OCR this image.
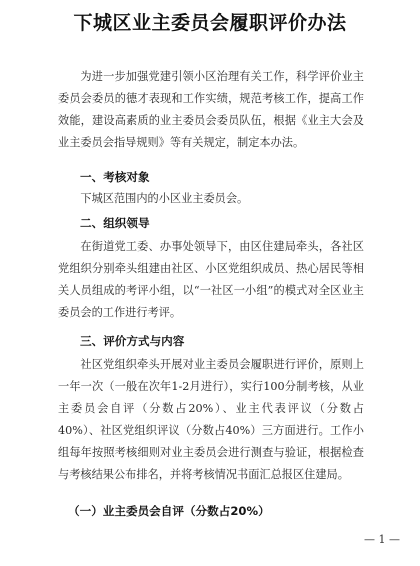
下城区业主委员会履职评价办法

为进一步加强党建引领小区治理有关工作，科学评价业主委员会委员的德才表现和工作实绩，规范考核工作，提高工作效能，建设高素质的业主委员会委员队伍，根据《业主大会及业主委员会指导规则》等有关规定，制定本办法。

一、考核对象

下城区范围内的小区业主委员会。

二、组织领导

在街道党工委、办事处领导下，由区住建局牵头，各社区党组织分别牵头组建由社区、小区党组织成员、热心居民等相关人员组成的考评小组，以“一社区一小组”的模式对全区业主委员会的工作进行考评。

三、评价方式与内容

社区党组织牵头开展对业主委员会履职进行评价，原则上一年一次（一般在次年1-2月进行），实行100分制考核，从业主委员会自评（分数占20%）、业主代表评议（分数占40%）、社区党组织评议（分数占40%）三方面进行。工作小组每年按照考核细则对业主委员会进行测查与验证，根据检查与考核结果公布排名，并将考核情况书面汇总报区住建局。

（一）业主委员会自评（分数占20%）
— 1 —
